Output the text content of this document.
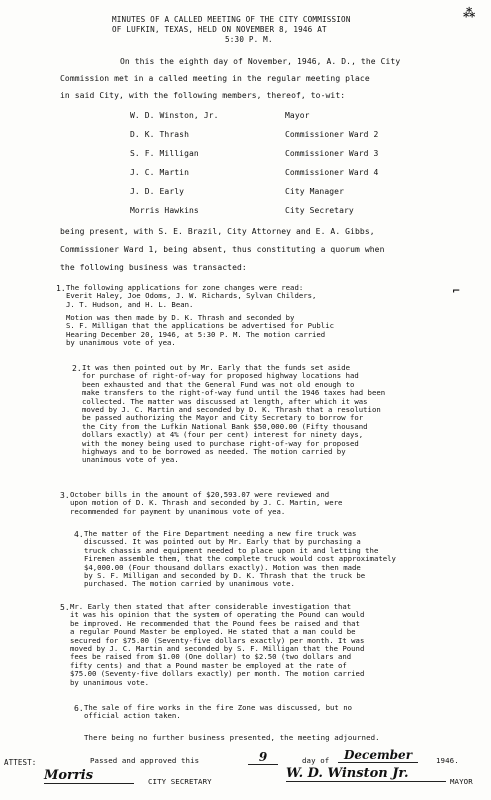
⁂
MINUTES OF A CALLED MEETING OF THE CITY COMMISSION
OF LUFKIN, TEXAS, HELD ON NOVEMBER 8, 1946 AT
5:30 P. M.
On this the eighth day of November, 1946, A. D., the City
Commission met in a called meeting in the regular meeting place
in said City, with the following members, thereof, to-wit:
W. D. Winston, Jr.	Mayor
D. K. Thrash	Commissioner Ward 2
S. F. Milligan	Commissioner Ward 3
J. C. Martin	Commissioner Ward 4
J. D. Early	City Manager
Morris Hawkins	City Secretary
being present, with S. E. Brazil, City Attorney and E. A. Gibbs,
Commissioner Ward 1, being absent, thus constituting a quorum when
the following business was transacted:
1. The following applications for zone changes were read:
Everit Haley, Joe Odoms, J. W. Richards, Sylvan Childers,
J. T. Hudson, and H. L. Bean.
⌐
Motion was then made by D. K. Thrash and seconded by
S. F. Milligan that the applications be advertised for Public
Hearing December 20, 1946, at 5:30 P. M. The motion carried
by unanimous vote of yea.
2. It was then pointed out by Mr. Early that the funds set aside
for purchase of right-of-way for proposed highway locations had
been exhausted and that the General Fund was not old enough to
make transfers to the right-of-way fund until the 1946 taxes had been
collected. The matter was discussed at length, after which it was
moved by J. C. Martin and seconded by D. K. Thrash that a resolution
be passed authorizing the Mayor and City Secretary to borrow for
the City from the Lufkin National Bank $50,000.00 (Fifty thousand
dollars exactly) at 4% (four per cent) interest for ninety days,
with the money being used to purchase right-of-way for proposed
highways and to be borrowed as needed. The motion carried by
unanimous vote of yea.
3. October bills in the amount of $20,593.07 were reviewed and
upon motion of D. K. Thrash and seconded by J. C. Martin, were
recommended for payment by unanimous vote of yea.
4. The matter of the Fire Department needing a new fire truck was
discussed. It was pointed out by Mr. Early that by purchasing a
truck chassis and equipment needed to place upon it and letting the
Firemen assemble them, that the complete truck would cost approximately
$4,000.00 (Four thousand dollars exactly). Motion was then made
by S. F. Milligan and seconded by D. K. Thrash that the truck be
purchased. The motion carried by unanimous vote.
5. Mr. Early then stated that after considerable investigation that
it was his opinion that the system of operating the Pound can would
be improved. He recommended that the Pound fees be raised and that
a regular Pound Master be employed. He stated that a man could be
secured for $75.00 (Seventy-five dollars exactly) per month. It was
moved by J. C. Martin and seconded by S. F. Milligan that the Pound
fees be raised from $1.00 (One dollar) to $2.50 (two dollars and
fifty cents) and that a Pound master be employed at the rate of
$75.00 (Seventy-five dollars exactly) per month. The motion carried
by unanimous vote.
6. The sale of fire works in the fire Zone was discussed, but no
official action taken.
There being no further business presented, the meeting adjourned.
ATTEST:	Passed and approved this	9	day of	December	1946.
Morris	CITY SECRETARY
W. D. Winston Jr.
MAYOR
